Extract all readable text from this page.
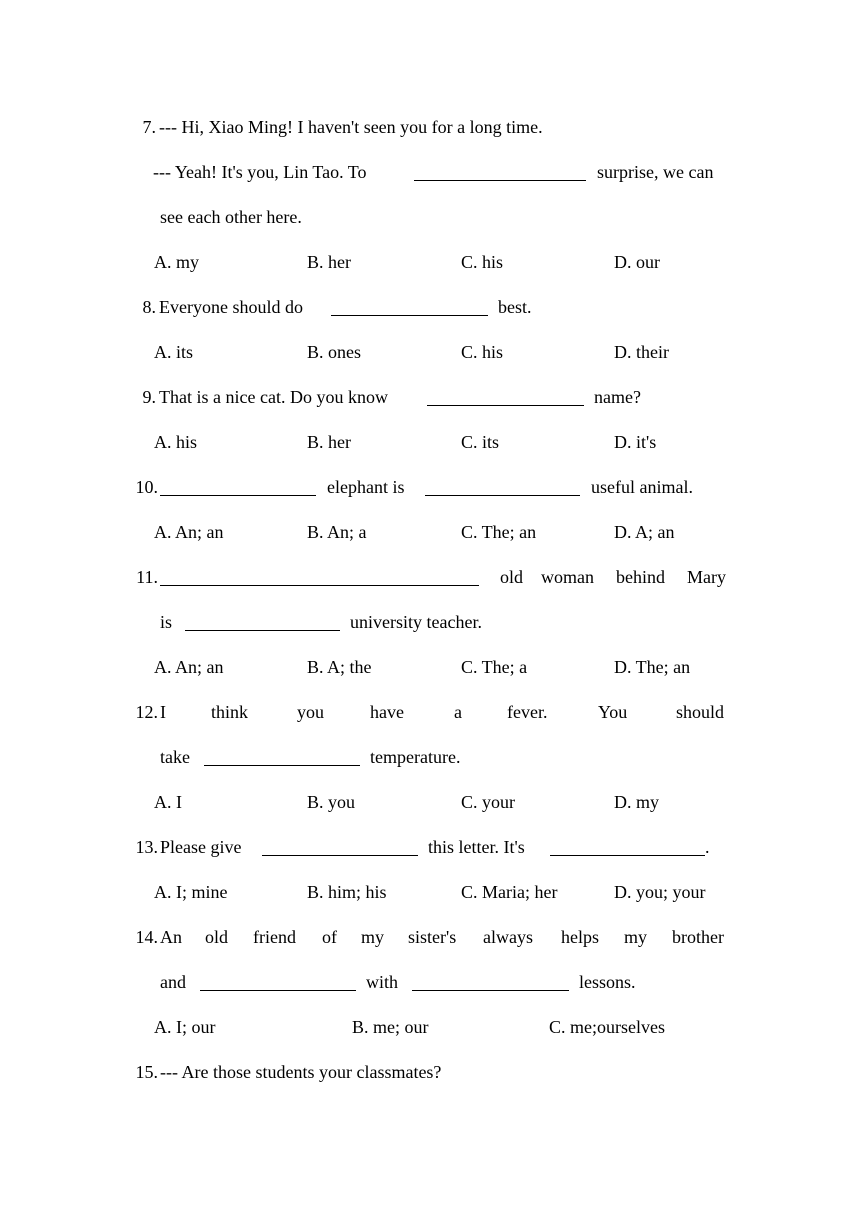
7. --- Hi, Xiao Ming! I haven't seen you for a long time.
--- Yeah! It's you, Lin Tao. To	surprise, we can
see each other here.
A. my	B. her	C. his	D. our
8. Everyone should do	best.
A. its	B. ones	C. his	D. their
9. That is a nice cat. Do you know	name?
A. his	B. her	C. its	D. it's
10.	elephant is	useful animal.
A. An; an	B. An; a	C. The; an	D. A; an
11.	old woman behind Mary
is	university teacher.
A. An; an	B. A; the	C. The; a	D. The; an
12. I	think	you	have	a	fever.	You	should
take	temperature.
A. I	B. you	C. your	D. my
13. Please give	this letter. It's	.
A. I; mine	B. him; his	C. Maria; her	D. you; your
14. An old friend of my sister's always helps my brother
and	with	lessons.
A. I; our	B. me; our	C. me;ourselves
15. --- Are those students your classmates?
